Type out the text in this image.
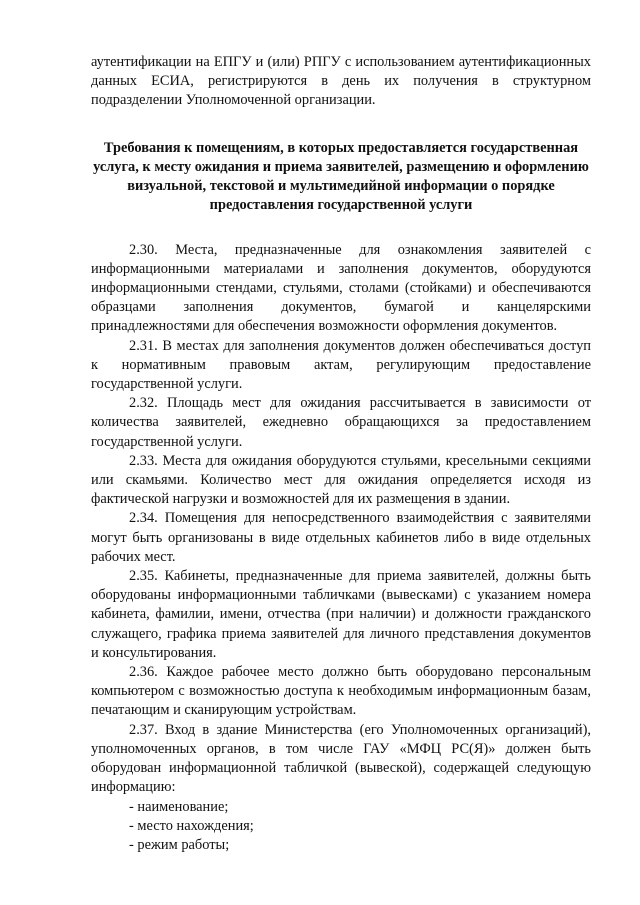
аутентификации на ЕПГУ и (или) РПГУ с использованием аутентификационных данных ЕСИА, регистрируются в день их получения в структурном подразделении Уполномоченной организации.

Требования к помещениям, в которых предоставляется государственная услуга, к месту ожидания и приема заявителей, размещению и оформлению визуальной, текстовой и мультимедийной информации о порядке предоставления государственной услуги

2.30. Места, предназначенные для ознакомления заявителей с информационными материалами и заполнения документов, оборудуются информационными стендами, стульями, столами (стойками) и обеспечиваются образцами заполнения документов, бумагой и канцелярскими принадлежностями для обеспечения возможности оформления документов.

2.31. В местах для заполнения документов должен обеспечиваться доступ к нормативным правовым актам, регулирующим предоставление государственной услуги.

2.32. Площадь мест для ожидания рассчитывается в зависимости от количества заявителей, ежедневно обращающихся за предоставлением государственной услуги.

2.33. Места для ожидания оборудуются стульями, кресельными секциями или скамьями. Количество мест для ожидания определяется исходя из фактической нагрузки и возможностей для их размещения в здании.

2.34. Помещения для непосредственного взаимодействия с заявителями могут быть организованы в виде отдельных кабинетов либо в виде отдельных рабочих мест.

2.35. Кабинеты, предназначенные для приема заявителей, должны быть оборудованы информационными табличками (вывесками) с указанием номера кабинета, фамилии, имени, отчества (при наличии) и должности гражданского служащего, графика приема заявителей для личного представления документов и консультирования.

2.36. Каждое рабочее место должно быть оборудовано персональным компьютером с возможностью доступа к необходимым информационным базам, печатающим и сканирующим устройствам.

2.37. Вход в здание Министерства (его Уполномоченных организаций), уполномоченных органов, в том числе ГАУ «МФЦ РС(Я)» должен быть оборудован информационной табличкой (вывеской), содержащей следующую информацию:

- наименование;

- место нахождения;

- режим работы;
